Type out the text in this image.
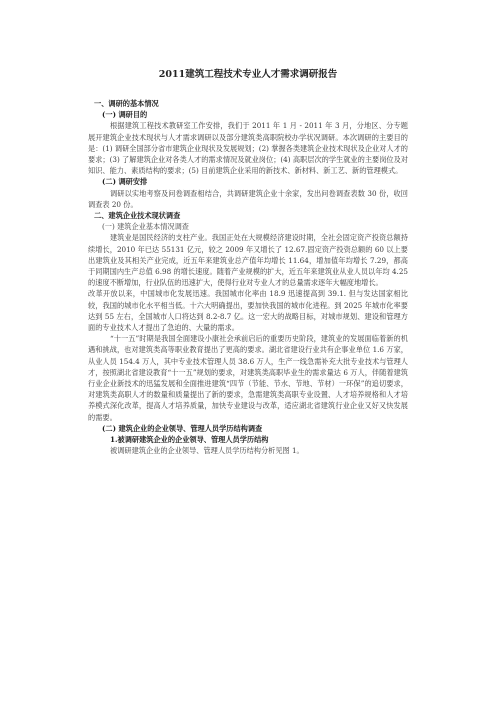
2011建筑工程技术专业人才需求调研报告

一、调研的基本情况

(一) 调研目的

根据建筑工程技术教研室工作安排，我们于 2011 年 1 月 - 2011 年 3 月，分地区、分专题展开建筑企业技术现状与人才需求调研以及部分建筑类高职院校办学状况调研。本次调研的主要目的是：(1) 调研全国部分省市建筑企业现状及发展规划；(2) 掌握各类建筑企业技术现状及企业对人才的要求；(3) 了解建筑企业对各类人才的需求情况及就业岗位；(4) 高职层次的学生就业的主要岗位及对知识、能力、素质结构的要求；(5) 目前建筑企业采用的新技术、新材料、新工艺、新的管理模式。

(二) 调研安排

调研以实地考察及问卷调查相结合，共调研建筑企业十余家，发出问卷调查表数 30 份，收回调查表 20 份。

二、建筑企业技术现状调查

(一) 建筑企业基本情况调查

建筑业是国民经济的支柱产业。我国正处在大规模经济建设时期，全社会固定资产投资总额持续增长，2010 年已达 55131 亿元，较之 2009 年又增长了 12.67.固定资产投资总额的 60 以上要出建筑业及其相关产业完成，近五年来建筑业总产值年均增长 11.64，增加值年均增长 7.29，都高于同期国内生产总值 6.98 的增长速度。随着产业规模的扩大，近五年来建筑业从业人员以年均 4.25 的速度不断增加，行业队伍的迅速扩大，使得行业对专业人才的总量需求逐年大幅度地增长。

改革开放以来，中国城市化发展迅速。我国城市化率由 18.9 迅速提高到 39.1. 但与发达国家相比较，我国的城市化水平相当低。十六大明确提出，要加快我国的城市化进程。到 2025 年城市化率要达到 55 左右，全国城市人口将达到 8.2-8.7 亿。这一宏大的战略目标，对城市规划、建设和管理方面的专业技术人才提出了急迫的、大量的需求。

“十一五”时期是我国全面建设小康社会承前启后的重要历史阶段，建筑业的发展面临着新的机遇和挑战，也对建筑类高等职业教育提出了更高的要求。湖北省建设行业共有企事业单位 1.6 万家，从业人员 154.4 万人，其中专业技术管理人员 38.6 万人，生产一线急需补充大批专业技术与管理人才，按照湖北省建设教育“十一五”规划的要求，对建筑类高职毕业生的需求量达 6 万人，伴随着建筑行业企业新技术的迅猛发展和全面推进建筑“四节（节能、节水、节地、节材）一环保”的追切要求，对建筑类高职人才的数量和质量提出了新的要求，急需建筑类高职专业设置、人才培养规格和人才培养模式深化改革，提高人才培养质量，加快专业建设与改革，适应湖北省建筑行业企业又好又快发展的需要。

(二) 建筑企业的企业领导、管理人员学历结构调查

1.被调研建筑企业的企业领导、管理人员学历结构

被调研建筑企业的企业领导、管理人员学历结构分析见图 1。
